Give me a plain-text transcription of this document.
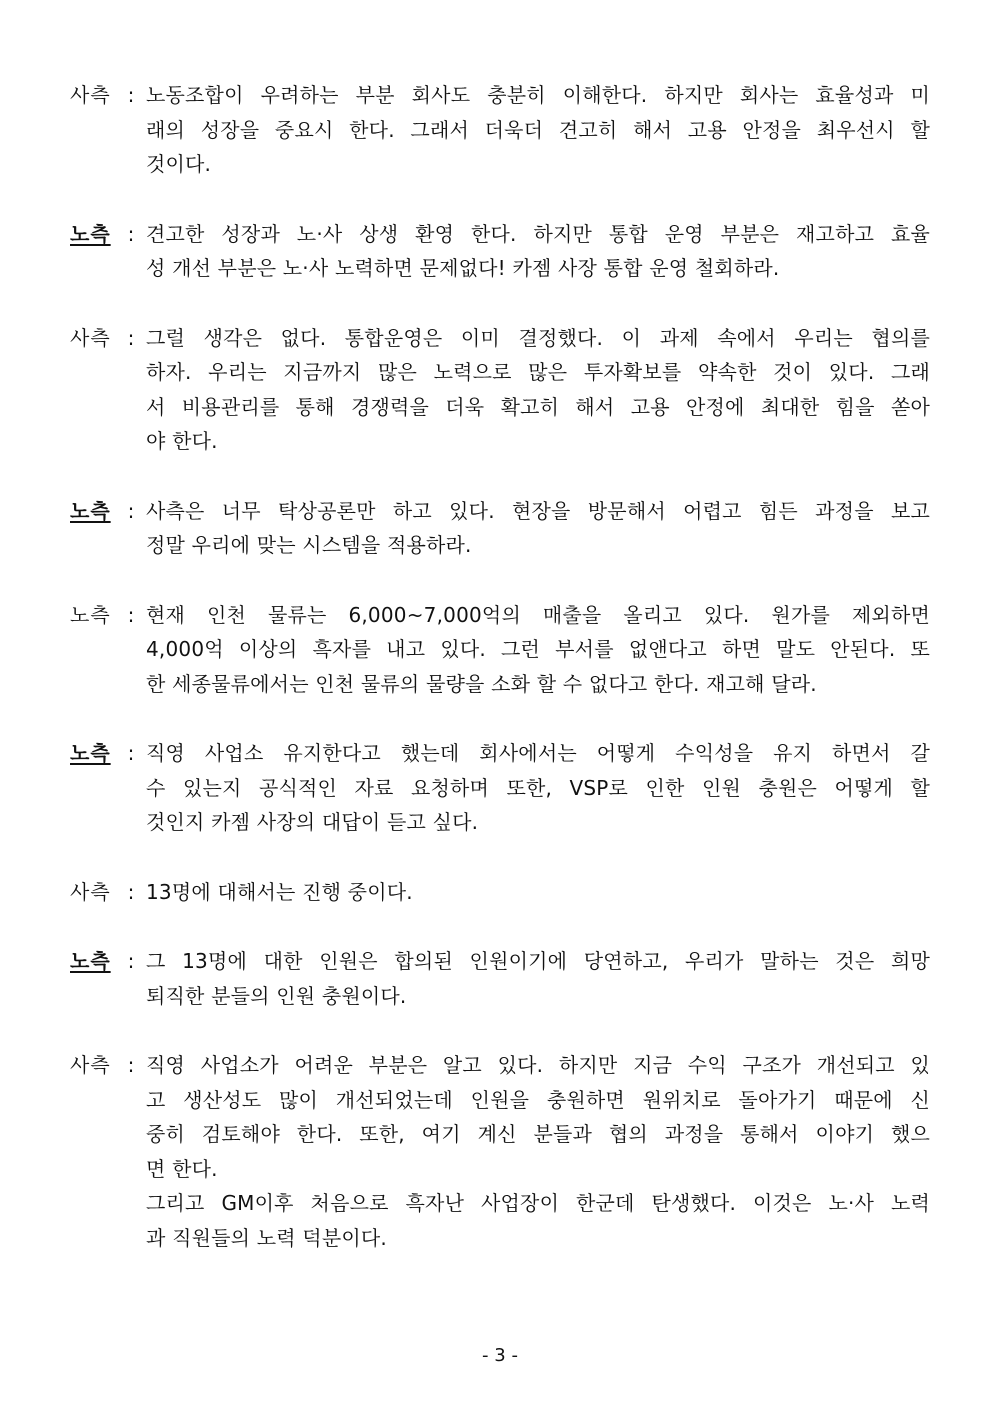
사측 : 노동조합이 우려하는 부분 회사도 충분히 이해한다. 하지만 회사는 효율성과 미
래의 성장을 중요시 한다. 그래서 더욱더 견고히 해서 고용 안정을 최우선시 할
것이다.
노측 : 견고한 성장과 노·사 상생 환영 한다. 하지만 통합 운영 부분은 재고하고 효율
성 개선 부분은 노·사 노력하면 문제없다! 카젬 사장 통합 운영 철회하라.
사측 : 그럴 생각은 없다. 통합운영은 이미 결정했다. 이 과제 속에서 우리는 협의를
하자. 우리는 지금까지 많은 노력으로 많은 투자확보를 약속한 것이 있다. 그래
서 비용관리를 통해 경쟁력을 더욱 확고히 해서 고용 안정에 최대한 힘을 쏟아
야 한다.
노측 : 사측은 너무 탁상공론만 하고 있다. 현장을 방문해서 어렵고 힘든 과정을 보고
정말 우리에 맞는 시스템을 적용하라.
노측 : 현재 인천 물류는 6,000~7,000억의 매출을 올리고 있다. 원가를 제외하면
4,000억 이상의 흑자를 내고 있다. 그런 부서를 없앤다고 하면 말도 안된다. 또
한 세종물류에서는 인천 물류의 물량을 소화 할 수 없다고 한다. 재고해 달라.
노측 : 직영 사업소 유지한다고 했는데 회사에서는 어떻게 수익성을 유지 하면서 갈
수 있는지 공식적인 자료 요청하며 또한, VSP로 인한 인원 충원은 어떻게 할
것인지 카젬 사장의 대답이 듣고 싶다.
사측 : 13명에 대해서는 진행 중이다.
노측 : 그 13명에 대한 인원은 합의된 인원이기에 당연하고, 우리가 말하는 것은 희망
퇴직한 분들의 인원 충원이다.
사측 : 직영 사업소가 어려운 부분은 알고 있다. 하지만 지금 수익 구조가 개선되고 있
고 생산성도 많이 개선되었는데 인원을 충원하면 원위치로 돌아가기 때문에 신
중히 검토해야 한다. 또한, 여기 계신 분들과 협의 과정을 통해서 이야기 했으
면 한다.
그리고 GM이후 처음으로 흑자난 사업장이 한군데 탄생했다. 이것은 노·사 노력
과 직원들의 노력 덕분이다.
- 3 -
